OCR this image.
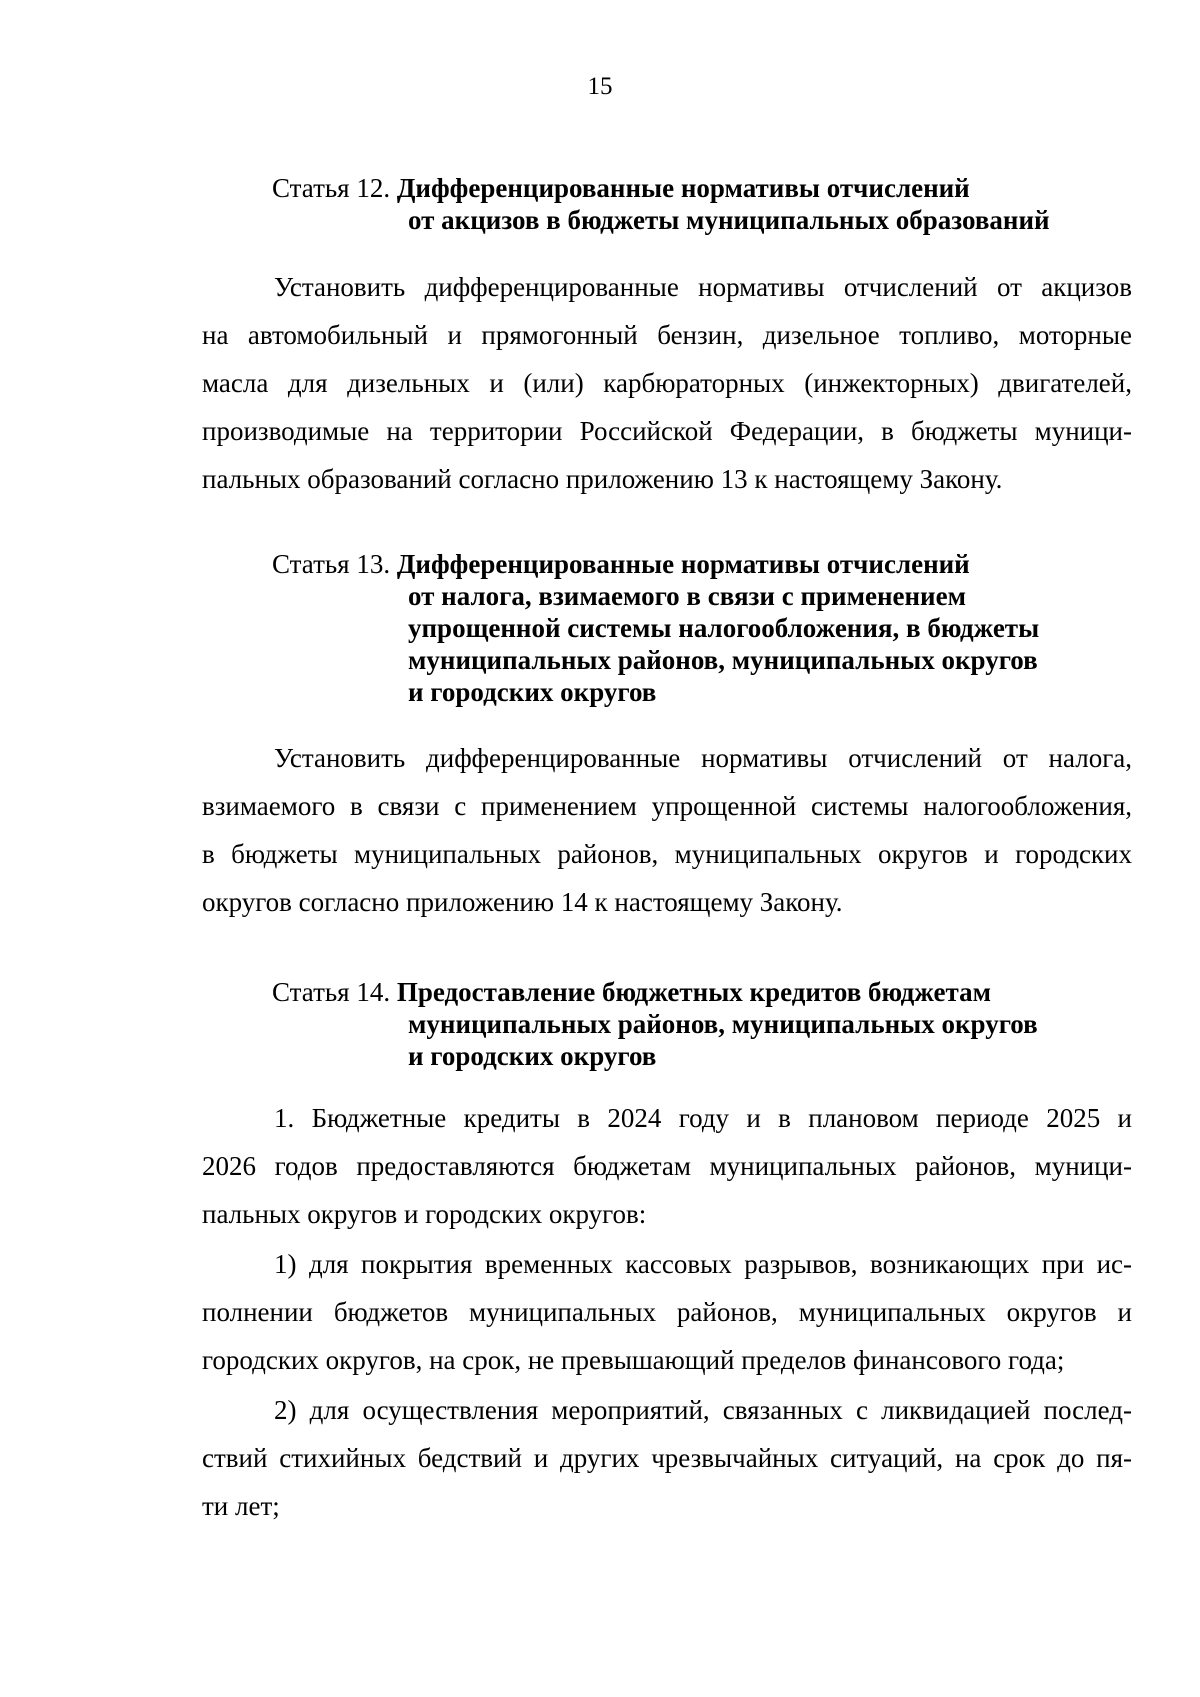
15
Статья 12. Дифференцированные нормативы отчислений
от акцизов в бюджеты муниципальных образований
Установить дифференцированные нормативы отчислений от акцизов
на автомобильный и прямогонный бензин, дизельное топливо, моторные
масла для дизельных и (или) карбюраторных (инжекторных) двигателей,
производимые на территории Российской Федерации, в бюджеты муници-
пальных образований согласно приложению 13 к настоящему Закону.
Статья 13. Дифференцированные нормативы отчислений
от налога, взимаемого в связи с применением
упрощенной системы налогообложения, в бюджеты
муниципальных районов, муниципальных округов
и городских округов
Установить дифференцированные нормативы отчислений от налога,
взимаемого в связи с применением упрощенной системы налогообложения,
в бюджеты муниципальных районов, муниципальных округов и городских
округов согласно приложению 14 к настоящему Закону.
Статья 14. Предоставление бюджетных кредитов бюджетам
муниципальных районов, муниципальных округов
и городских округов
1. Бюджетные кредиты в 2024 году и в плановом периоде 2025 и
2026 годов предоставляются бюджетам муниципальных районов, муници-
пальных округов и городских округов:
1) для покрытия временных кассовых разрывов, возникающих при ис-
полнении бюджетов муниципальных районов, муниципальных округов и
городских округов, на срок, не превышающий пределов финансового года;
2) для осуществления мероприятий, связанных с ликвидацией послед-
ствий стихийных бедствий и других чрезвычайных ситуаций, на срок до пя-
ти лет;
